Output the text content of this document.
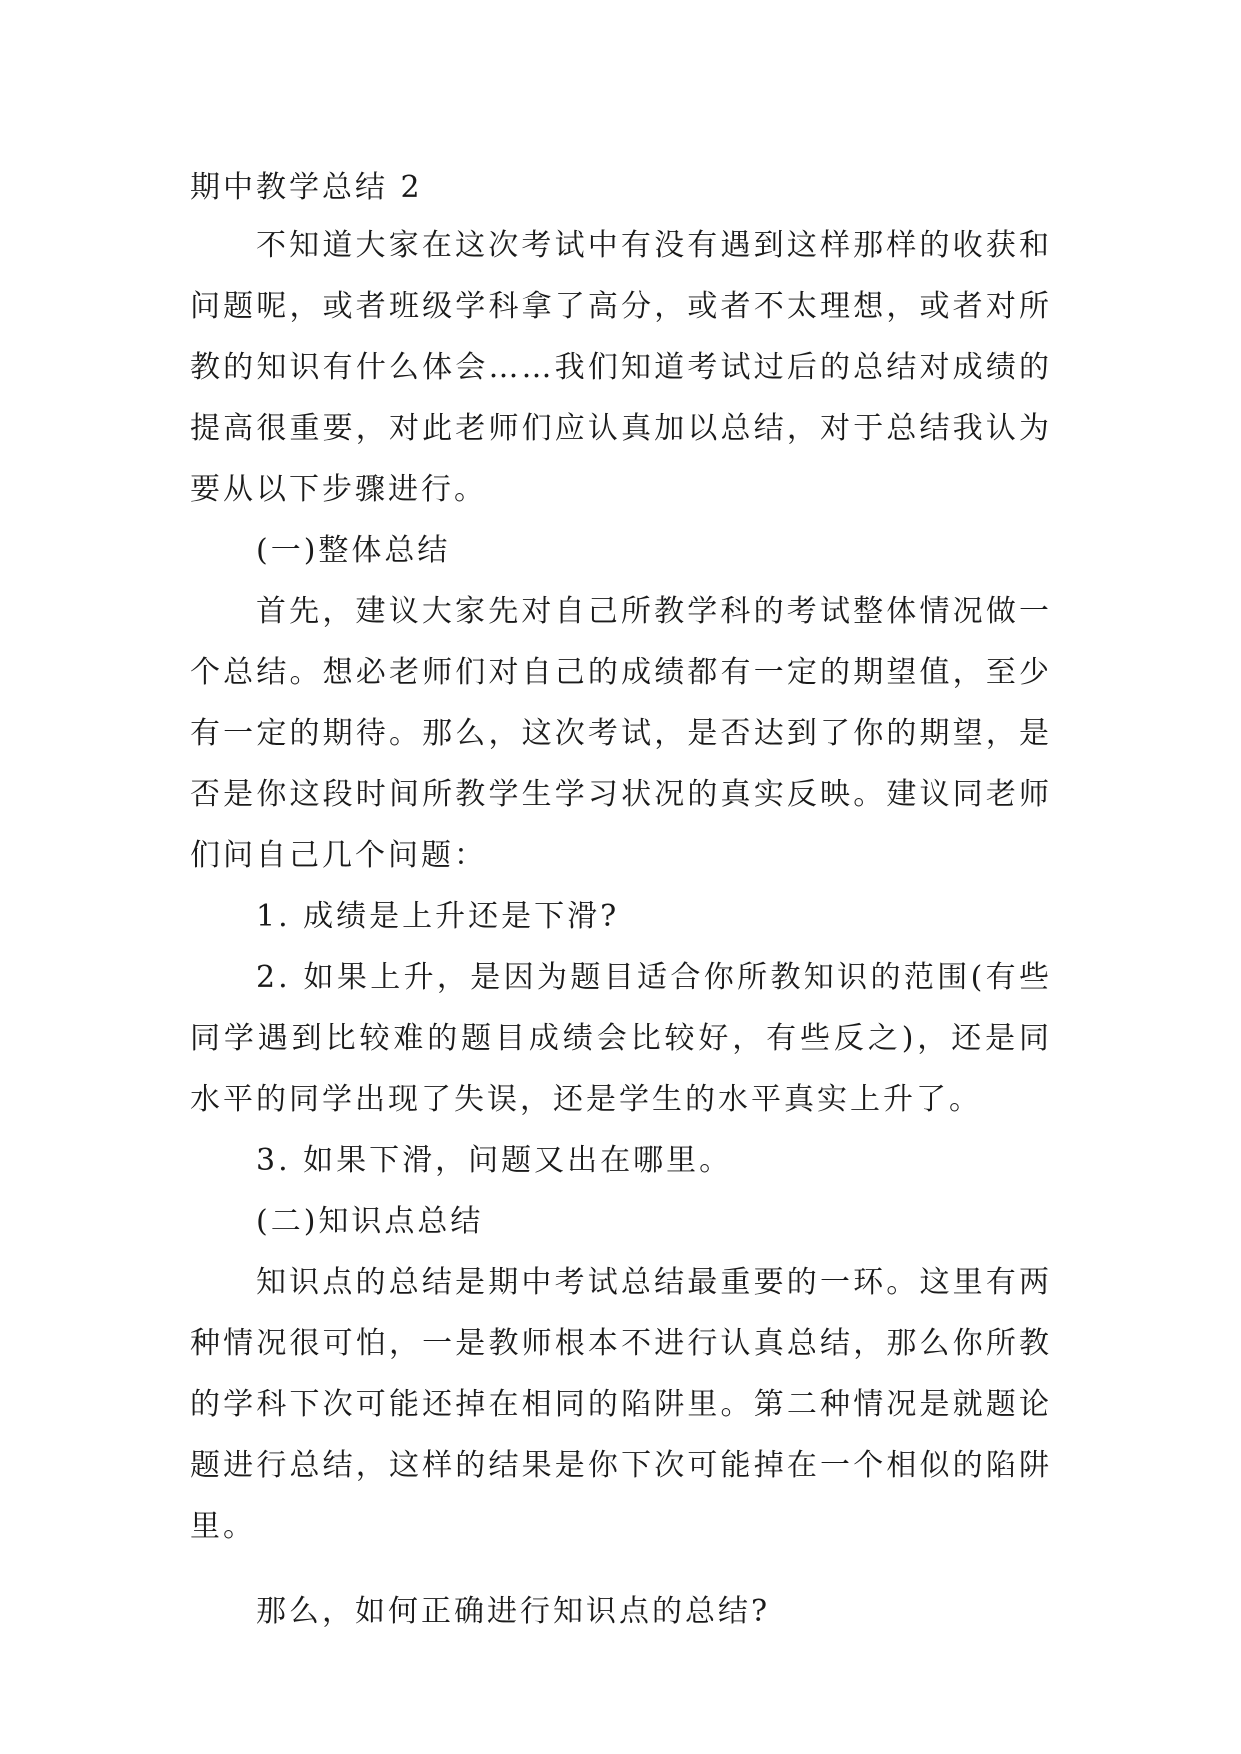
期中教学总结 2

不知道大家在这次考试中有没有遇到这样那样的收获和问题呢，或者班级学科拿了高分，或者不太理想，或者对所教的知识有什么体会……我们知道考试过后的总结对成绩的提高很重要，对此老师们应认真加以总结，对于总结我认为要从以下步骤进行。

(一)整体总结

首先，建议大家先对自己所教学科的考试整体情况做一个总结。想必老师们对自己的成绩都有一定的期望值，至少有一定的期待。那么，这次考试，是否达到了你的期望，是否是你这段时间所教学生学习状况的真实反映。建议同老师们问自己几个问题：

1. 成绩是上升还是下滑?

2. 如果上升，是因为题目适合你所教知识的范围(有些同学遇到比较难的题目成绩会比较好，有些反之)，还是同水平的同学出现了失误，还是学生的水平真实上升了。

3. 如果下滑，问题又出在哪里。

(二)知识点总结

知识点的总结是期中考试总结最重要的一环。这里有两种情况很可怕，一是教师根本不进行认真总结，那么你所教的学科下次可能还掉在相同的陷阱里。第二种情况是就题论题进行总结，这样的结果是你下次可能掉在一个相似的陷阱里。

那么，如何正确进行知识点的总结?
